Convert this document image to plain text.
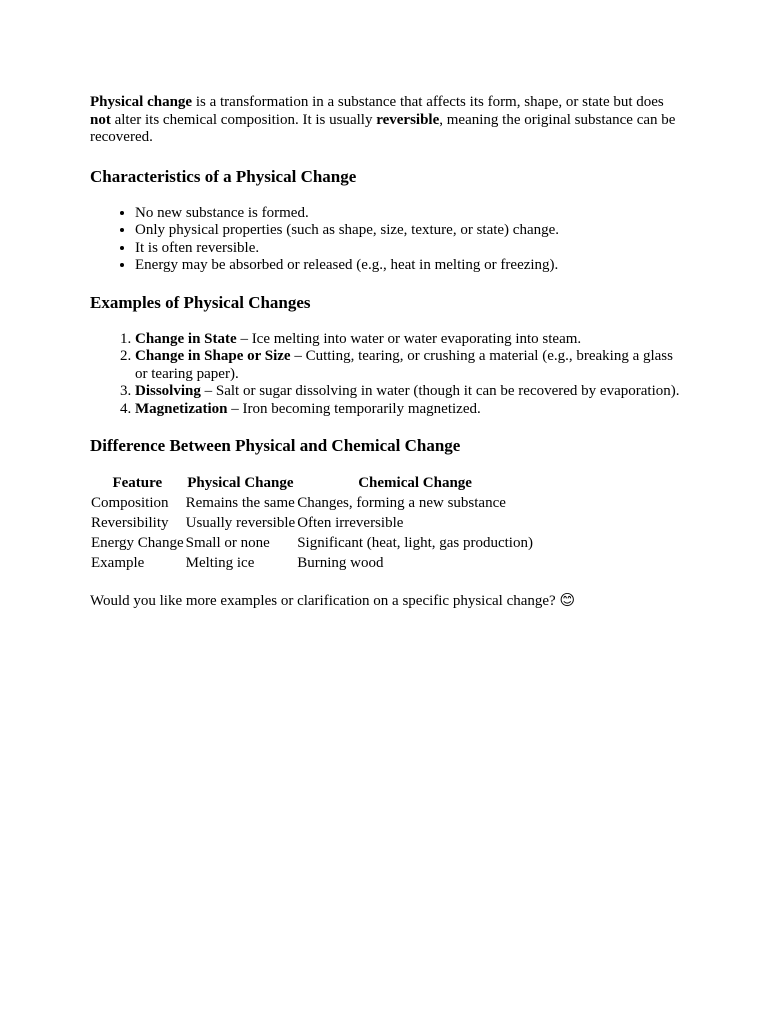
Physical change is a transformation in a substance that affects its form, shape, or state but does not alter its chemical composition. It is usually reversible, meaning the original substance can be recovered.

Characteristics of a Physical Change
• No new substance is formed.
• Only physical properties (such as shape, size, texture, or state) change.
• It is often reversible.
• Energy may be absorbed or released (e.g., heat in melting or freezing).
Examples of Physical Changes
1. Change in State – Ice melting into water or water evaporating into steam.
2. Change in Shape or Size – Cutting, tearing, or crushing a material (e.g., breaking a glass or tearing paper).
3. Dissolving – Salt or sugar dissolving in water (though it can be recovered by evaporation).
4. Magnetization – Iron becoming temporarily magnetized.
Difference Between Physical and Chemical Change
Feature	Physical Change	Chemical Change
Composition	Remains the same	Changes, forming a new substance
Reversibility	Usually reversible	Often irreversible
Energy Change	Small or none	Significant (heat, light, gas production)
Example	Melting ice	Burning wood

Would you like more examples or clarification on a specific physical change? 😊
